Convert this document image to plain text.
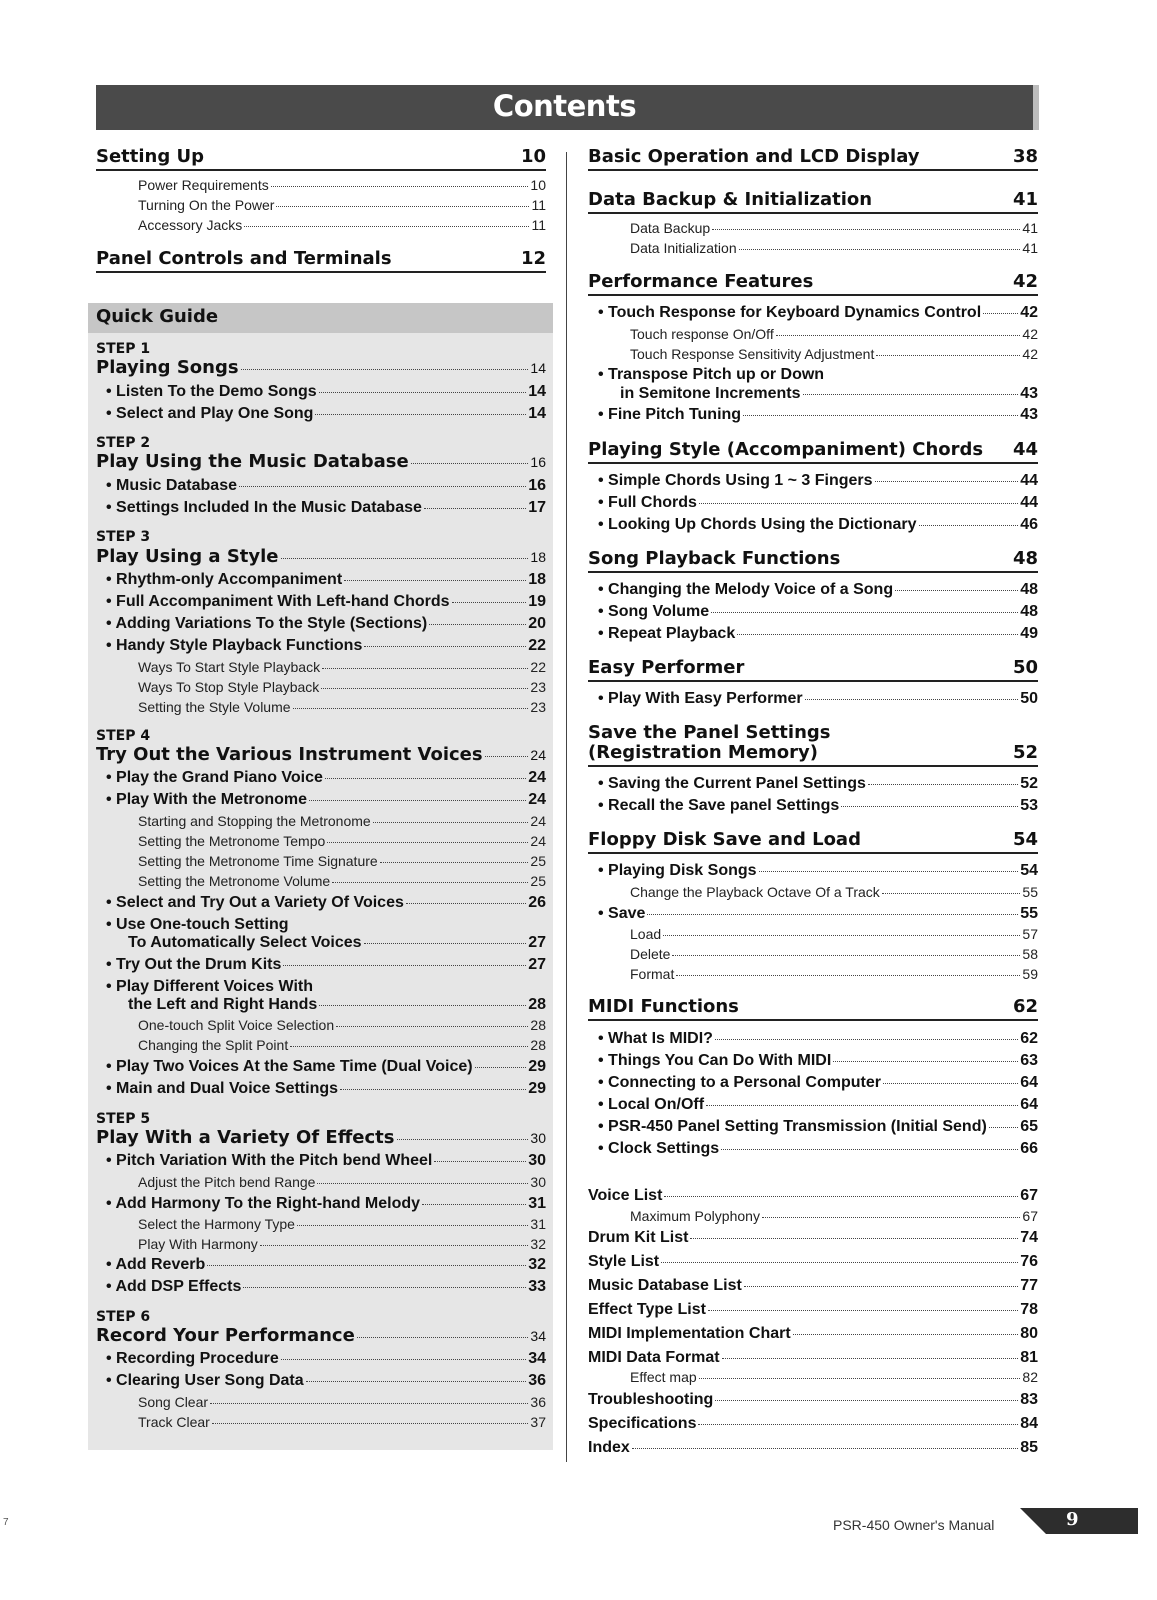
Contents
Quick Guide
Setting Up	10
Power Requirements	10
Turning On the Power	11
Accessory Jacks	11
Panel Controls and Terminals	12
STEP 1
Playing Songs	14
STEP 2
Play Using the Music Database	16
STEP 3
Play Using a Style	18
STEP 4
Try Out the Various Instrument Voices	24
STEP 5
Play With a Variety Of Effects	30
STEP 6
Record Your Performance	34
• Listen To the Demo Songs	14
• Select and Play One Song	14
• Music Database	16
• Settings Included In the Music Database	17
• Rhythm-only Accompaniment	18
• Full Accompaniment With Left-hand Chords	19
• Adding Variations To the Style (Sections)	20
• Handy Style Playback Functions	22
Ways To Start Style Playback	22
Ways To Stop Style Playback	23
Setting the Style Volume	23
• Play the Grand Piano Voice	24
• Play With the Metronome	24
Starting and Stopping the Metronome	24
Setting the Metronome Tempo	24
Setting the Metronome Time Signature	25
Setting the Metronome Volume	25
• Select and Try Out a Variety Of Voices	26
• Use One-touch Setting
To Automatically Select Voices	27
• Try Out the Drum Kits	27
• Play Different Voices With
the Left and Right Hands	28
One-touch Split Voice Selection	28
Changing the Split Point	28
• Play Two Voices At the Same Time (Dual Voice)	29
• Main and Dual Voice Settings	29
• Pitch Variation With the Pitch bend Wheel	30
Adjust the Pitch bend Range	30
• Add Harmony To the Right-hand Melody	31
Select the Harmony Type	31
Play With Harmony	32
• Add Reverb	32
• Add DSP Effects	33
• Recording Procedure	34
• Clearing User Song Data	36
Song Clear	36
Track Clear	37
Basic Operation and LCD Display	38
Data Backup & Initialization	41
Data Backup	41
Data Initialization	41
Performance Features	42
• Touch Response for Keyboard Dynamics Control 42
Touch response On/Off	42
Touch Response Sensitivity Adjustment	42
• Transpose Pitch up or Down
in Semitone Increments	43
• Fine Pitch Tuning	43
Playing Style (Accompaniment) Chords 44
• Simple Chords Using 1 ~ 3 Fingers	44
• Full Chords	44
• Looking Up Chords Using the Dictionary	46
Song Playback Functions	48
• Changing the Melody Voice of a Song	48
• Song Volume	48
• Repeat Playback	49
Easy Performer	50
• Play With Easy Performer	50
Save the Panel Settings
(Registration Memory)	52
• Saving the Current Panel Settings	52
• Recall the Save panel Settings	53
Floppy Disk Save and Load	54
• Playing Disk Songs	54
Change the Playback Octave Of a Track	55
• Save	55
Load	57
Delete	58
Format	59
MIDI Functions	62
• What Is MIDI?	62
• Things You Can Do With MIDI	63
• Connecting to a Personal Computer	64
• Local On/Off	64
• PSR-450 Panel Setting Transmission (Initial Send) 65
• Clock Settings	66
Voice List	67
Maximum Polyphony	67
Drum Kit List	74
Style List	76
Music Database List	77
Effect Type List	78
MIDI Implementation Chart	80
MIDI Data Format	81
Effect map	82
Troubleshooting	83
Specifications	84
Index	85
PSR-450 Owner's Manual	9
7
